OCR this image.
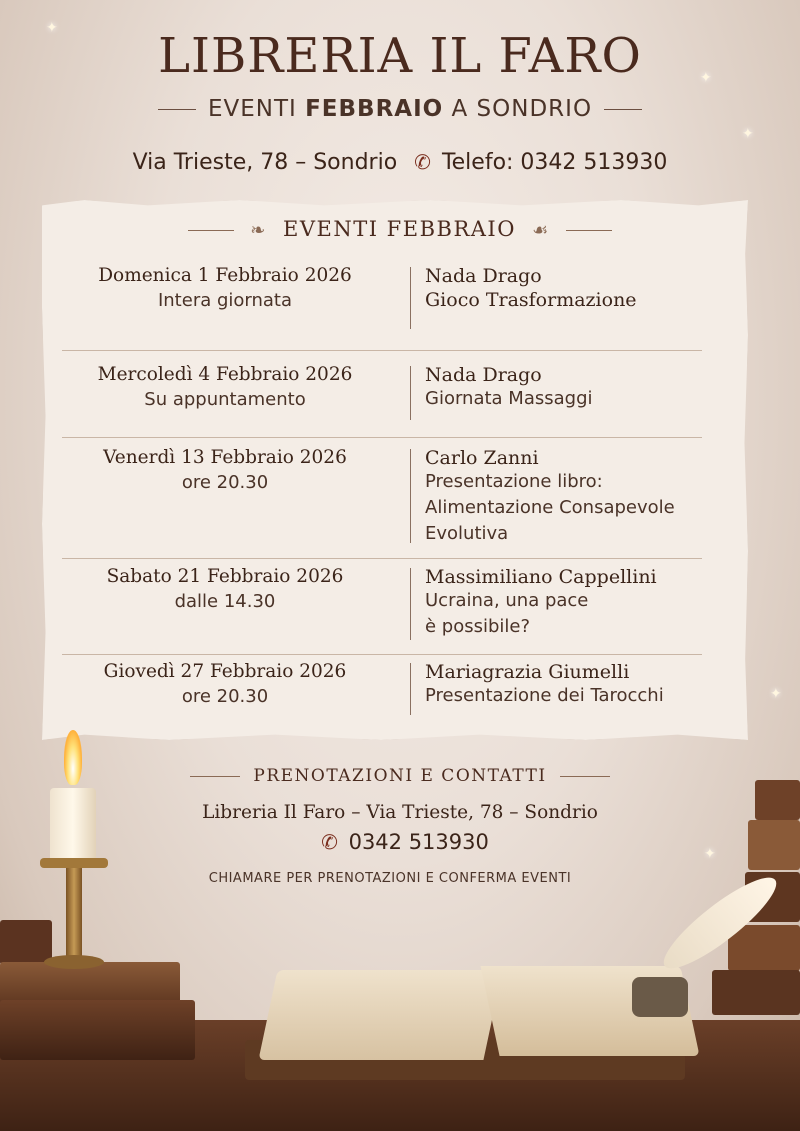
✦
✦
✦
✦
✦
LIBRERIA IL FARO
EVENTI FEBBRAIO A SONDRIO
Via Trieste, 78 – Sondrio ✆ Telefo: 0342 513930
❧ EVENTI FEBBRAIO ☙
Domenica 1 Febbraio 2026
Intera giornata
Nada Drago
Gioco Trasformazione
Mercoledì 4 Febbraio 2026
Su appuntamento
Nada Drago
Giornata Massaggi
Venerdì 13 Febbraio 2026
ore 20.30
Carlo Zanni
Presentazione libro:
Alimentazione Consapevole
Evolutiva
Sabato 21 Febbraio 2026
dalle 14.30
Massimiliano Cappellini
Ucraina, una pace
è possibile?
Giovedì 27 Febbraio 2026
ore 20.30
Mariagrazia Giumelli
Presentazione dei Tarocchi
PRENOTAZIONI E CONTATTI
Libreria Il Faro – Via Trieste, 78 – Sondrio
✆ 0342 513930
CHIAMARE PER PRENOTAZIONI E CONFERMA EVENTI
